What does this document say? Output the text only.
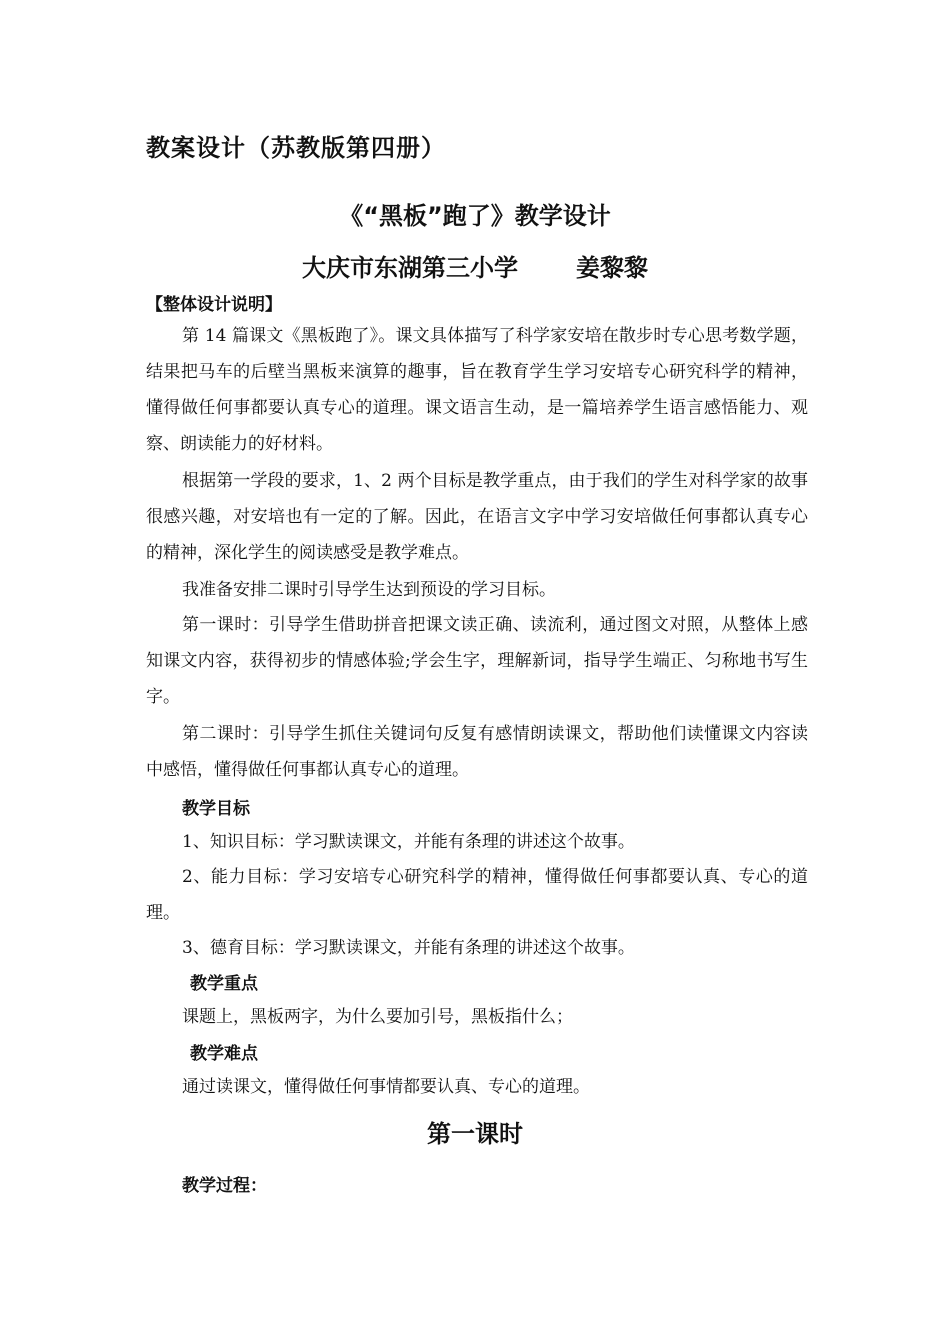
教案设计（苏教版第四册）
《“黑板”跑了》教学设计
大庆市东湖第三小学 姜黎黎
【整体设计说明】
第 14 篇课文《黑板跑了》。课文具体描写了科学家安培在散步时专心思考数学题，结果把马车的后壁当黑板来演算的趣事，旨在教育学生学习安培专心研究科学的精神，懂得做任何事都要认真专心的道理。课文语言生动，是一篇培养学生语言感悟能力、观察、朗读能力的好材料。
根据第一学段的要求，1、2 两个目标是教学重点，由于我们的学生对科学家的故事很感兴趣，对安培也有一定的了解。因此，在语言文字中学习安培做任何事都认真专心的精神，深化学生的阅读感受是教学难点。
我准备安排二课时引导学生达到预设的学习目标。
第一课时：引导学生借助拼音把课文读正确、读流利，通过图文对照，从整体上感知课文内容，获得初步的情感体验;学会生字，理解新词，指导学生端正、匀称地书写生字。
第二课时：引导学生抓住关键词句反复有感情朗读课文，帮助他们读懂课文内容读中感悟，懂得做任何事都认真专心的道理。
教学目标
1、知识目标：学习默读课文，并能有条理的讲述这个故事。
2、能力目标：学习安培专心研究科学的精神，懂得做任何事都要认真、专心的道理。
3、德育目标：学习默读课文，并能有条理的讲述这个故事。
教学重点
课题上，黑板两字，为什么要加引号，黑板指什么；
教学难点
通过读课文，懂得做任何事情都要认真、专心的道理。
第一课时
教学过程：
